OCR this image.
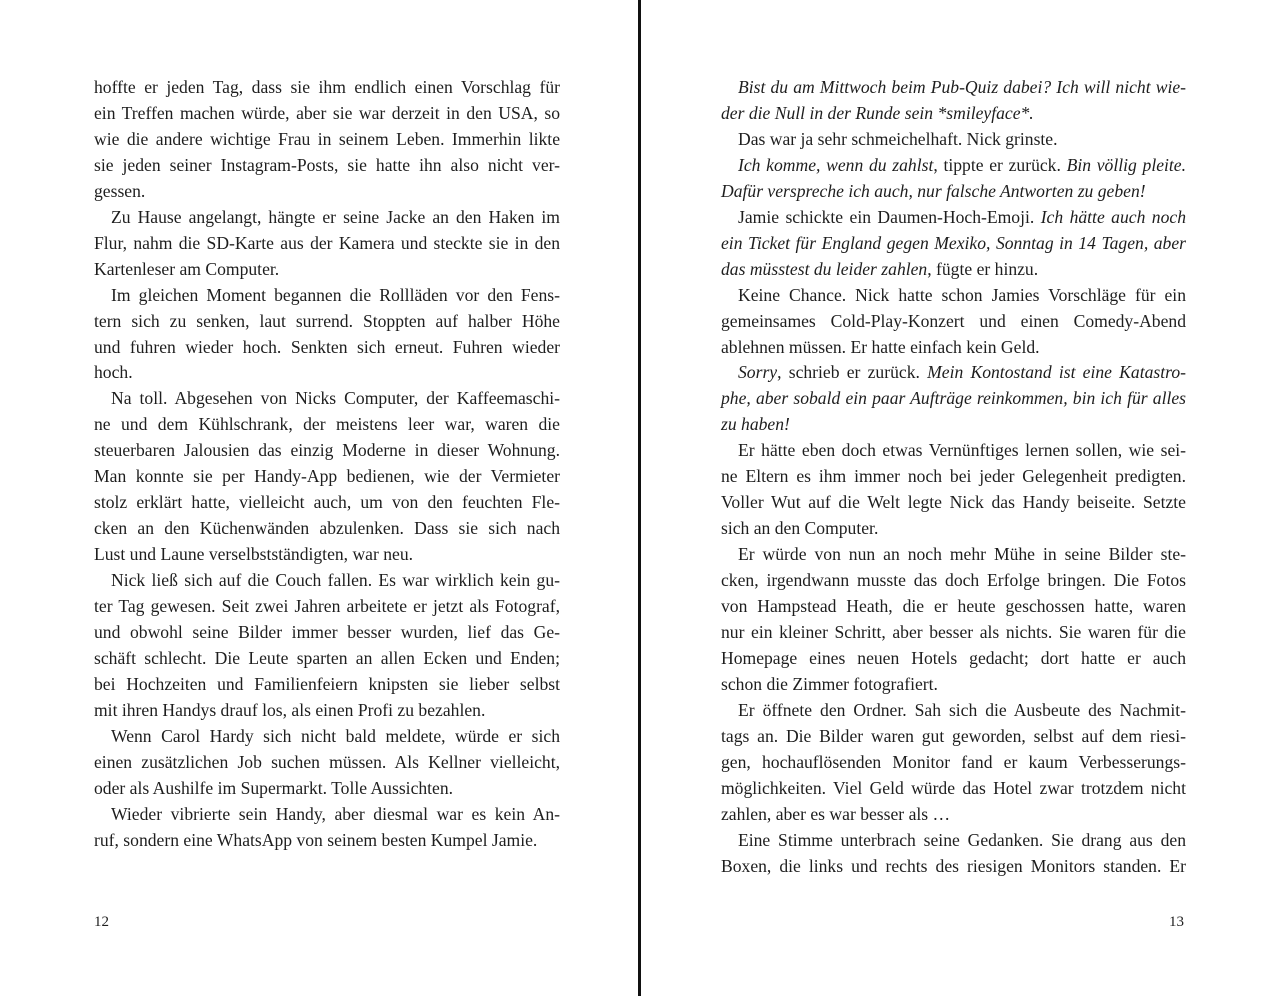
hoffte er jeden Tag, dass sie ihm endlich einen Vorschlag für
ein Treffen machen würde, aber sie war derzeit in den USA, so
wie die andere wichtige Frau in seinem Leben. Immerhin likte
sie jeden seiner Instagram-Posts, sie hatte ihn also nicht ver-
gessen.
Zu Hause angelangt, hängte er seine Jacke an den Haken im
Flur, nahm die SD-Karte aus der Kamera und steckte sie in den
Kartenleser am Computer.
Im gleichen Moment begannen die Rollläden vor den Fens-
tern sich zu senken, laut surrend. Stoppten auf halber Höhe
und fuhren wieder hoch. Senkten sich erneut. Fuhren wieder
hoch.
Na toll. Abgesehen von Nicks Computer, der Kaffeemaschi-
ne und dem Kühlschrank, der meistens leer war, waren die
steuerbaren Jalousien das einzig Moderne in dieser Wohnung.
Man konnte sie per Handy-App bedienen, wie der Vermieter
stolz erklärt hatte, vielleicht auch, um von den feuchten Fle-
cken an den Küchenwänden abzulenken. Dass sie sich nach
Lust und Laune verselbstständigten, war neu.
Nick ließ sich auf die Couch fallen. Es war wirklich kein gu-
ter Tag gewesen. Seit zwei Jahren arbeitete er jetzt als Fotograf,
und obwohl seine Bilder immer besser wurden, lief das Ge-
schäft schlecht. Die Leute sparten an allen Ecken und Enden;
bei Hochzeiten und Familienfeiern knipsten sie lieber selbst
mit ihren Handys drauf los, als einen Profi zu bezahlen.
Wenn Carol Hardy sich nicht bald meldete, würde er sich
einen zusätzlichen Job suchen müssen. Als Kellner vielleicht,
oder als Aushilfe im Supermarkt. Tolle Aussichten.
Wieder vibrierte sein Handy, aber diesmal war es kein An-
ruf, sondern eine WhatsApp von seinem besten Kumpel Jamie.
12
Bist du am Mittwoch beim Pub-Quiz dabei? Ich will nicht wie-
der die Null in der Runde sein *smileyface*.
Das war ja sehr schmeichelhaft. Nick grinste.
Ich komme, wenn du zahlst, tippte er zurück. Bin völlig pleite.
Dafür verspreche ich auch, nur falsche Antworten zu geben!
Jamie schickte ein Daumen-Hoch-Emoji. Ich hätte auch noch
ein Ticket für England gegen Mexiko, Sonntag in 14 Tagen, aber
das müsstest du leider zahlen, fügte er hinzu.
Keine Chance. Nick hatte schon Jamies Vorschläge für ein
gemeinsames Cold-Play-Konzert und einen Comedy-Abend
ablehnen müssen. Er hatte einfach kein Geld.
Sorry, schrieb er zurück. Mein Kontostand ist eine Katastro-
phe, aber sobald ein paar Aufträge reinkommen, bin ich für alles
zu haben!
Er hätte eben doch etwas Vernünftiges lernen sollen, wie sei-
ne Eltern es ihm immer noch bei jeder Gelegenheit predigten.
Voller Wut auf die Welt legte Nick das Handy beiseite. Setzte
sich an den Computer.
Er würde von nun an noch mehr Mühe in seine Bilder ste-
cken, irgendwann musste das doch Erfolge bringen. Die Fotos
von Hampstead Heath, die er heute geschossen hatte, waren
nur ein kleiner Schritt, aber besser als nichts. Sie waren für die
Homepage eines neuen Hotels gedacht; dort hatte er auch
schon die Zimmer fotografiert.
Er öffnete den Ordner. Sah sich die Ausbeute des Nachmit-
tags an. Die Bilder waren gut geworden, selbst auf dem riesi-
gen, hochauflösenden Monitor fand er kaum Verbesserungs-
möglichkeiten. Viel Geld würde das Hotel zwar trotzdem nicht
zahlen, aber es war besser als …
Eine Stimme unterbrach seine Gedanken. Sie drang aus den
Boxen, die links und rechts des riesigen Monitors standen. Er
13
